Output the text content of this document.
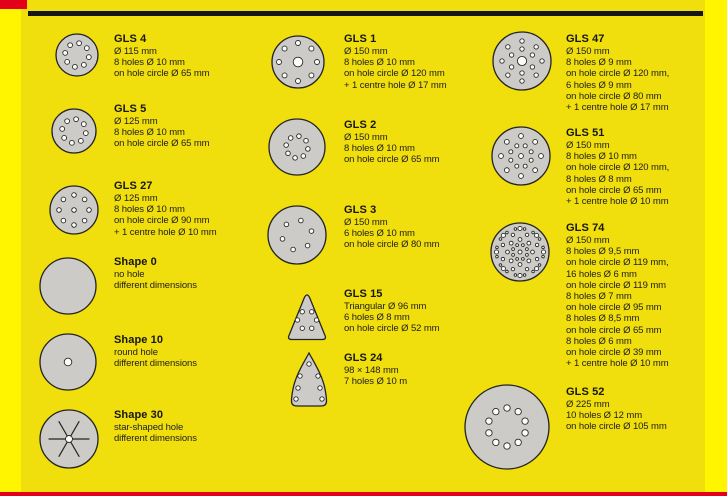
GLS 4
Ø 115 mm
8 holes Ø 10 mm
on hole circle Ø 65 mm
GLS 5
Ø 125 mm
8 holes Ø 10 mm
on hole circle Ø 65 mm
GLS 27
Ø 125 mm
8 holes Ø 10 mm
on hole circle Ø 90 mm
+ 1 centre hole Ø 10 mm
Shape 0
no hole
different dimensions
Shape 10
round hole
different dimensions
Shape 30
star-shaped hole
different dimensions
GLS 1
Ø 150 mm
8 holes Ø 10 mm
on hole circle Ø 120 mm
+ 1 centre hole Ø 17 mm
GLS 2
Ø 150 mm
8 holes Ø 10 mm
on hole circle Ø 65 mm
GLS 3
Ø 150 mm
6 holes Ø 10 mm
on hole circle Ø 80 mm
GLS 15
Triangular Ø 96 mm
6 holes Ø 8 mm
on hole circle Ø 52 mm
GLS 24
98 × 148 mm
7 holes Ø 10 m
GLS 47
Ø 150 mm
8 holes Ø 9 mm
on hole circle Ø 120 mm,
6 holes Ø 9 mm
on hole circle Ø 80 mm
+ 1 centre hole Ø 17 mm
GLS 51
Ø 150 mm
8 holes Ø 10 mm
on hole circle Ø 120 mm,
8 holes Ø 8 mm
on hole circle Ø 65 mm
+ 1 centre hole Ø 10 mm
GLS 74
Ø 150 mm
8 holes Ø 9,5 mm
on hole circle Ø 119 mm,
16 holes Ø 6 mm
on hole circle Ø 119 mm
8 holes Ø 7 mm
on hole circle Ø 95 mm
8 holes Ø 8,5 mm
on hole circle Ø 65 mm
8 holes Ø 6 mm
on hole circle Ø 39 mm
+ 1 centre hole Ø 10 mm
GLS 52
Ø 225 mm
10 holes Ø 12 mm
on hole circle Ø 105 mm
